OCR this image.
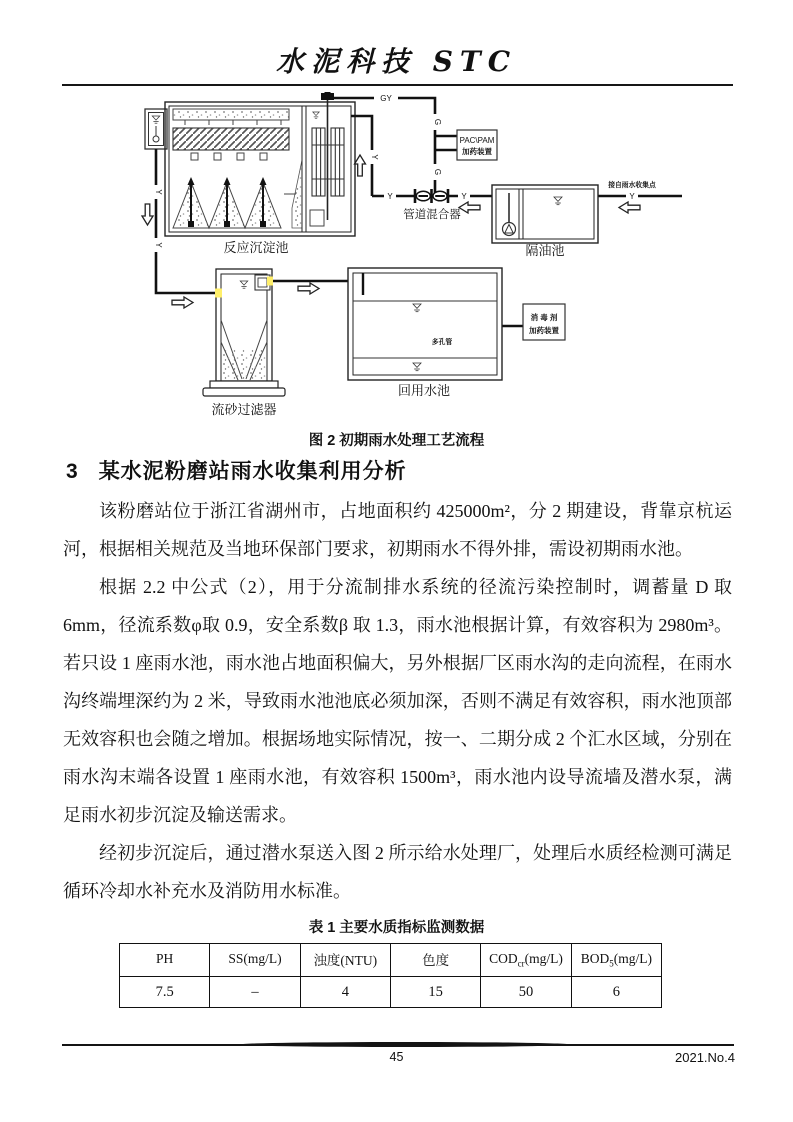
水泥科技 STC
反应沉淀池
GY
G
G
Y
Y	Y	Y
Y
Y
接自雨水收集点
PAC\PAM
加药装置
管道混合器
隔油池
流砂过滤器
多孔管
回用水池
消 毒 剂
加药装置
图 2 初期雨水处理工艺流程
3 某水泥粉磨站雨水收集利用分析

该粉磨站位于浙江省湖州市，占地面积约 425000m²，分 2 期建设，背靠京杭运河，根据相关规范及当地环保部门要求，初期雨水不得外排，需设初期雨水池。

根据 2.2 中公式（2），用于分流制排水系统的径流污染控制时，调蓄量 D 取 6mm，径流系数φ取 0.9，安全系数β 取 1.3，雨水池根据计算，有效容积为 2980m³。若只设 1 座雨水池，雨水池占地面积偏大，另外根据厂区雨水沟的走向流程，在雨水沟终端埋深约为 2 米，导致雨水池池底必须加深，否则不满足有效容积，雨水池顶部无效容积也会随之增加。根据场地实际情况，按一、二期分成 2 个汇水区域，分别在雨水沟末端各设置 1 座雨水池，有效容积 1500m³，雨水池内设导流墙及潜水泵，满足雨水初步沉淀及输送需求。

经初步沉淀后，通过潜水泵送入图 2 所示给水处理厂，处理后水质经检测可满足循环冷却水补充水及消防用水标准。

表 1 主要水质指标监测数据
PH	SS(mg/L)	浊度(NTU)	色度	$COD_{cr}(mg/L)$	$BOD_5(mg/L)$
7.5	–	4	15	50	6
45	2021.No.4
